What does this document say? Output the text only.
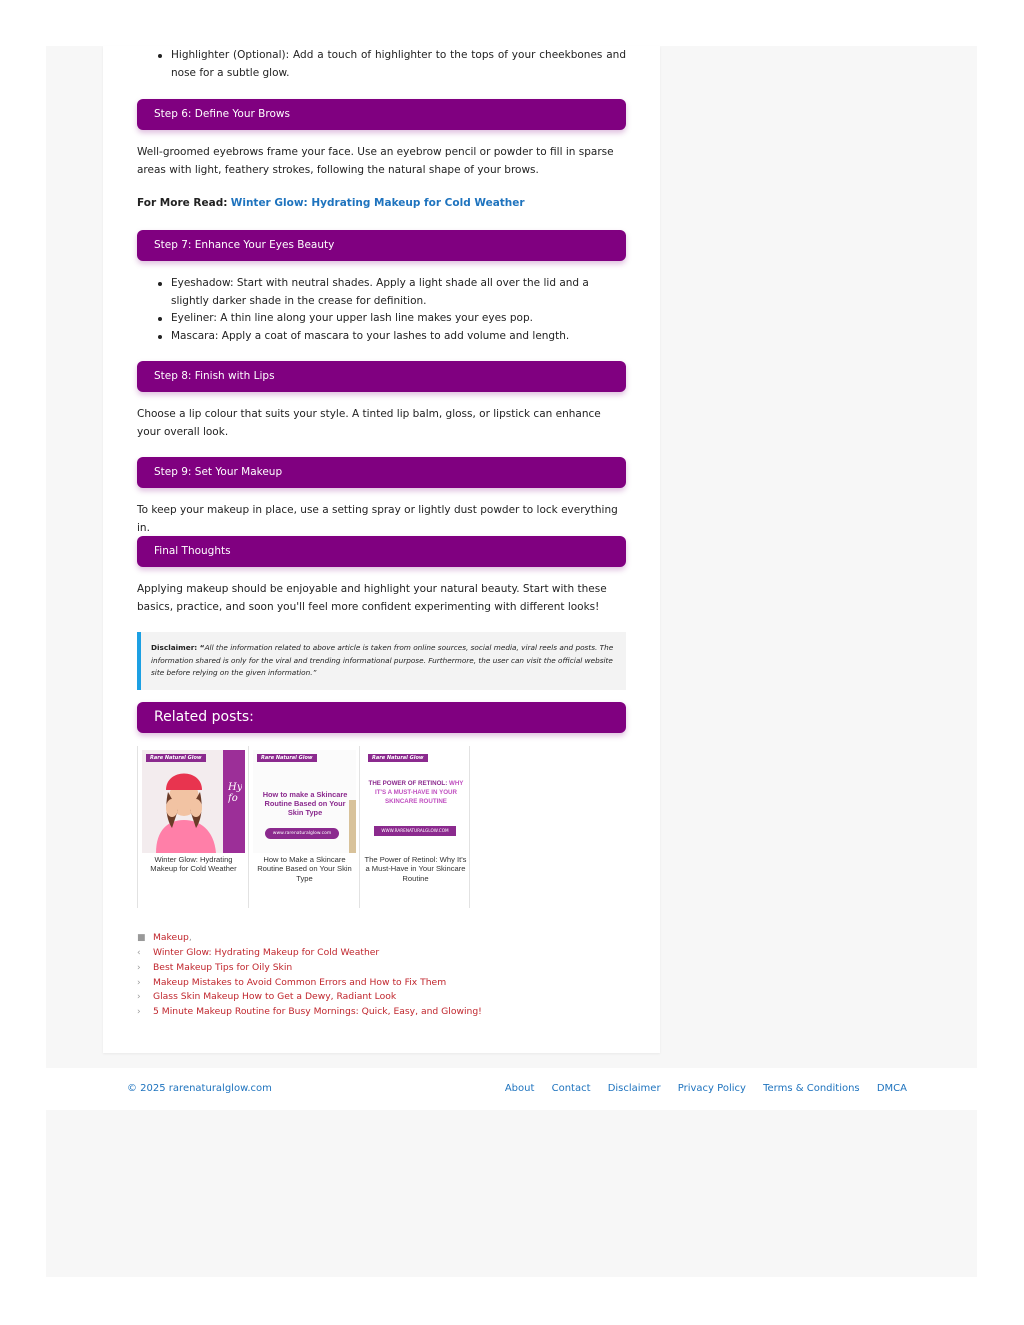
Highlighter (Optional): Add a touch of highlighter to the tops of your cheekbones and nose for a subtle glow.
Step 6: Define Your Brows

Well-groomed eyebrows frame your face. Use an eyebrow pencil or powder to fill in sparse areas with light, feathery strokes, following the natural shape of your brows.

For More Read: Winter Glow: Hydrating Makeup for Cold Weather

Step 7: Enhance Your Eyes Beauty
Eyeshadow: Start with neutral shades. Apply a light shade all over the lid and a slightly darker shade in the crease for definition.
Eyeliner: A thin line along your upper lash line makes your eyes pop.
Mascara: Apply a coat of mascara to your lashes to add volume and length.
Step 8: Finish with Lips

Choose a lip colour that suits your style. A tinted lip balm, gloss, or lipstick can enhance your overall look.

Step 9: Set Your Makeup

To keep your makeup in place, use a setting spray or lightly dust powder to lock everything in.

Final Thoughts

Applying makeup should be enjoyable and highlight your natural beauty. Start with these basics, practice, and soon you'll feel more confident experimenting with different looks!

Disclaimer: “All the information related to above article is taken from online sources, social media, viral reels and posts. The information shared is only for the viral and trending informational purpose. Furthermore, the user can visit the official website site before relying on the given information.”
Related posts:
Rare Natural Glow
Hy fo
Winter Glow: Hydrating Makeup for Cold Weather
Rare Natural Glow
How to make a Skincare Routine Based on Your Skin Type
www.rarenaturalglow.com
How to Make a Skincare Routine Based on Your Skin Type
Rare Natural Glow
THE POWER OF RETINOL: WHY IT'S A MUST-HAVE IN YOUR SKINCARE ROUTINE
WWW.RARENATURALGLOW.COM
The Power of Retinol: Why It's a Must-Have in Your Skincare Routine
■ Makeup,
‹ Winter Glow: Hydrating Makeup for Cold Weather
› Best Makeup Tips for Oily Skin
› Makeup Mistakes to Avoid Common Errors and How to Fix Them
› Glass Skin Makeup How to Get a Dewy, Radiant Look
› 5 Minute Makeup Routine for Busy Mornings: Quick, Easy, and Glowing!
© 2025 rarenaturalglow.com	About Contact Disclaimer Privacy Policy Terms & Conditions DMCA
